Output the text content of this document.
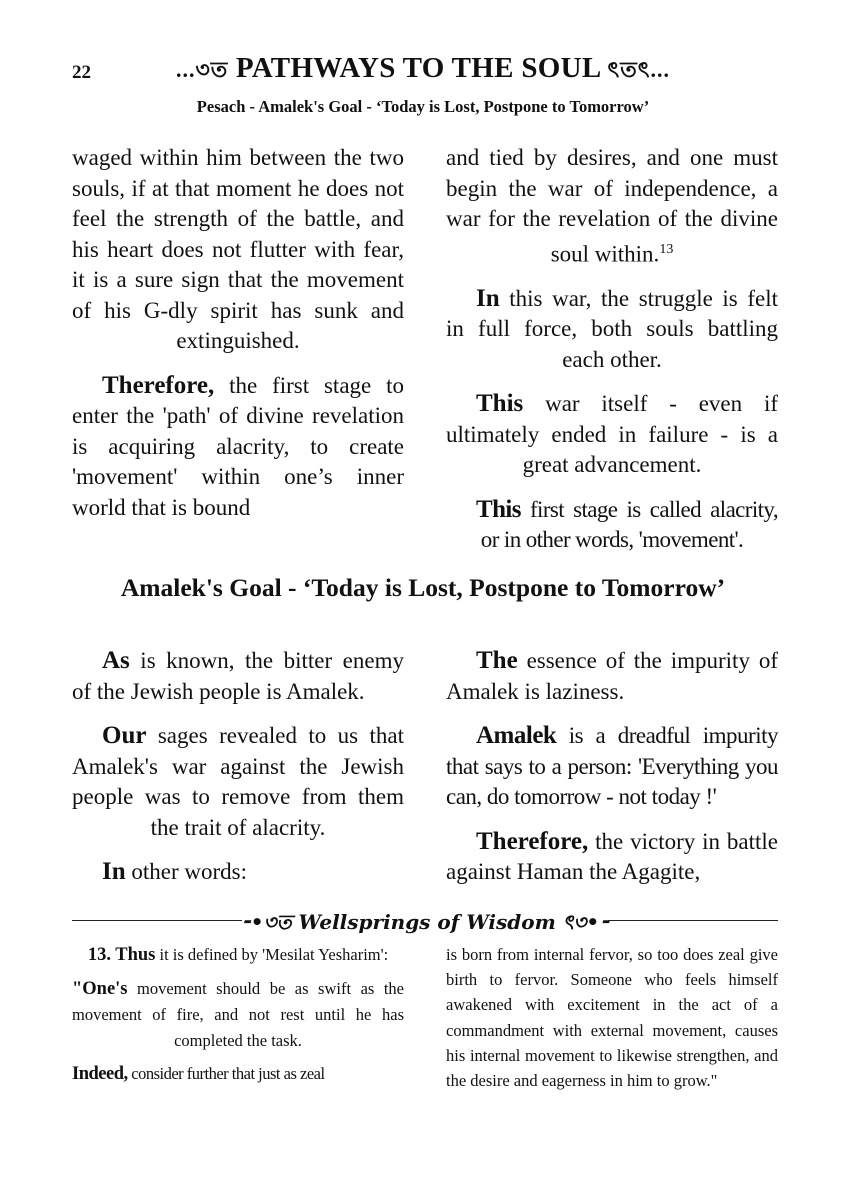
22	...৩ত PATHWAYS TO THE SOUL ৎতৎ...
Pesach - Amalek's Goal - ‘Today is Lost, Postpone to Tomorrow’

waged within him between the two souls, if at that moment he does not feel the strength of the battle, and his heart does not flutter with fear, it is a sure sign that the movement of his G-dly spirit has sunk and extinguished.

Therefore, the first stage to enter the 'path' of divine revelation is acquiring alacrity, to create 'movement' within one’s inner world that is bound

and tied by desires, and one must begin the war of independence, a war for the revelation of the divine soul within.$^{13}$

In this war, the struggle is felt in full force, both souls battling each other.

This war itself - even if ultimately ended in failure - is a great advancement.

This first stage is called alacrity, or in other words, 'movement'.

Amalek's Goal - ‘Today is Lost, Postpone to Tomorrow’

As is known, the bitter enemy of the Jewish people is Amalek.

Our sages revealed to us that Amalek's war against the Jewish people was to remove from them the trait of alacrity.

In other words:

The essence of the impurity of Amalek is laziness.

Amalek is a dreadful impurity that says to a person: 'Everything you can, do tomorrow - not today !'

Therefore, the victory in battle against Haman the Agagite,

⁃•৩ত Wellsprings of Wisdom ৎ৩•⁃

13. Thus it is defined by 'Mesilat Yesharim':

"One's movement should be as swift as the movement of fire, and not rest until he has completed the task.

Indeed, consider further that just as zeal

is born from internal fervor, so too does zeal give birth to fervor. Someone who feels himself awakened with excitement in the act of a commandment with external movement, causes his internal movement to likewise strengthen, and the desire and eagerness in him to grow."
